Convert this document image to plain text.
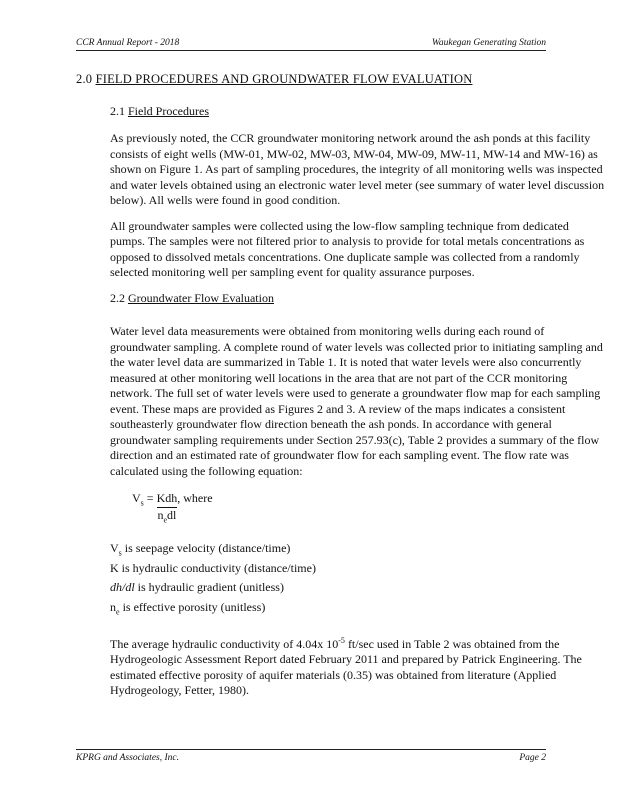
CCR Annual Report - 2018	Waukegan Generating Station
2.0 FIELD PROCEDURES AND GROUNDWATER FLOW EVALUATION
2.1 Field Procedures

As previously noted, the CCR groundwater monitoring network around the ash ponds at this facility consists of eight wells (MW-01, MW-02, MW-03, MW-04, MW-09, MW-11, MW-14 and MW-16) as shown on Figure 1. As part of sampling procedures, the integrity of all monitoring wells was inspected and water levels obtained using an electronic water level meter (see summary of water level discussion below). All wells were found in good condition.

All groundwater samples were collected using the low-flow sampling technique from dedicated pumps. The samples were not filtered prior to analysis to provide for total metals concentrations as opposed to dissolved metals concentrations. One duplicate sample was collected from a randomly selected monitoring well per sampling event for quality assurance purposes.

2.2 Groundwater Flow Evaluation

Water level data measurements were obtained from monitoring wells during each round of groundwater sampling. A complete round of water levels was collected prior to initiating sampling and the water level data are summarized in Table 1. It is noted that water levels were also concurrently measured at other monitoring well locations in the area that are not part of the CCR monitoring network. The full set of water levels were used to generate a groundwater flow map for each sampling event. These maps are provided as Figures 2 and 3. A review of the maps indicates a consistent southeasterly groundwater flow direction beneath the ash ponds. In accordance with general groundwater sampling requirements under Section 257.93(c), Table 2 provides a summary of the flow direction and an estimated rate of groundwater flow for each sampling event. The flow rate was calculated using the following equation:

$V_s = \frac{\text{Kdh}}{n_edl}$, where
$V_s$ is seepage velocity (distance/time)
K is hydraulic conductivity (distance/time)
dh/dl is hydraulic gradient (unitless)
$n_e$ is effective porosity (unitless)

The average hydraulic conductivity of 4.04x $10^{-5}$ ft/sec used in Table 2 was obtained from the Hydrogeologic Assessment Report dated February 2011 and prepared by Patrick Engineering. The estimated effective porosity of aquifer materials (0.35) was obtained from literature (Applied Hydrogeology, Fetter, 1980).

KPRG and Associates, Inc.	Page 2
